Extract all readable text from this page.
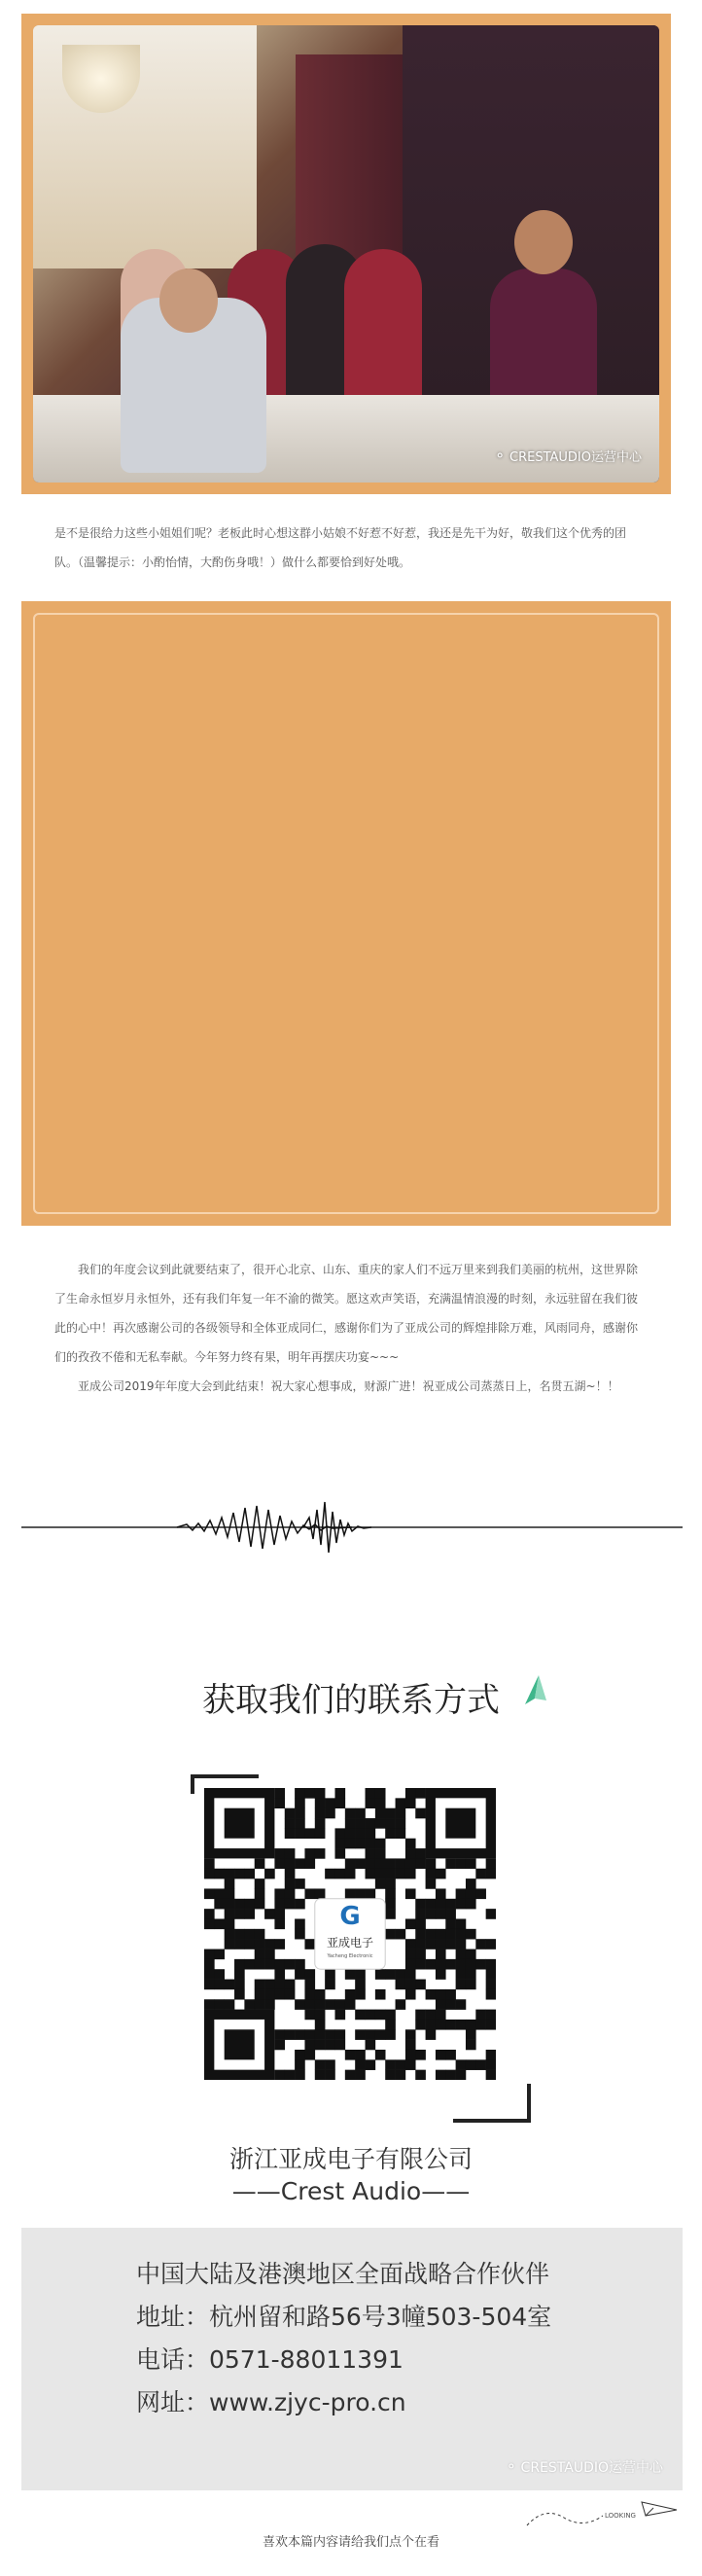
⚬ CRESTAUDIO运营中心

是不是很给力这些小姐姐们呢？老板此时心想这群小姑娘不好惹不好惹，我还是先干为好，敬我们这个优秀的团队。（温馨提示：小酌怡情，大酌伤身哦！）做什么都要恰到好处哦。

我们的年度会议到此就要结束了，很开心北京、山东、重庆的家人们不远万里来到我们美丽的杭州，这世界除了生命永恒岁月永恒外，还有我们年复一年不渝的微笑。愿这欢声笑语，充满温情浪漫的时刻，永远驻留在我们彼此的心中！再次感谢公司的各级领导和全体亚成同仁，感谢你们为了亚成公司的辉煌排除万难，风雨同舟，感谢你们的孜孜不倦和无私奉献。今年努力终有果，明年再摆庆功宴~~~

亚成公司2019年年度大会到此结束！祝大家心想事成，财源广进！祝亚成公司蒸蒸日上，名贯五湖~！！

获取我们的联系方式
G
亚成电子
Yacheng Electronic
浙江亚成电子有限公司
——Crest Audio——
中国大陆及港澳地区全面战略合作伙伴
地址：杭州留和路56号3幢503-504室
电话：0571-88011391
网址：www.zjyc-pro.cn
⚬ CRESTAUDIO运营中心
LOOKING
喜欢本篇内容请给我们点个在看
